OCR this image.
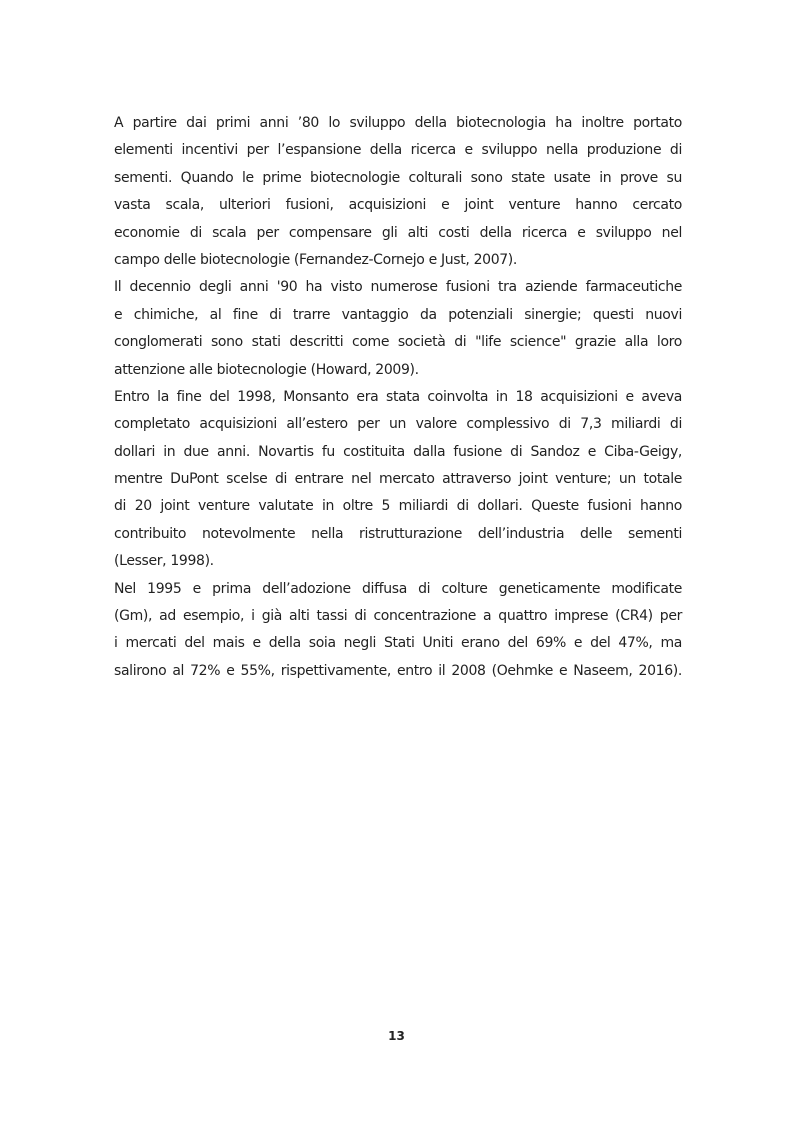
A partire dai primi anni ’80 lo sviluppo della biotecnologia ha inoltre portato
elementi incentivi per l’espansione della ricerca e sviluppo nella produzione di
sementi. Quando le prime biotecnologie colturali sono state usate in prove su
vasta scala, ulteriori fusioni, acquisizioni e joint venture hanno cercato
economie di scala per compensare gli alti costi della ricerca e sviluppo nel
campo delle biotecnologie (Fernandez-Cornejo e Just, 2007).
Il decennio degli anni '90 ha visto numerose fusioni tra aziende farmaceutiche
e chimiche, al fine di trarre vantaggio da potenziali sinergie; questi nuovi
conglomerati sono stati descritti come società di "life science" grazie alla loro
attenzione alle biotecnologie (Howard, 2009).
Entro la fine del 1998, Monsanto era stata coinvolta in 18 acquisizioni e aveva
completato acquisizioni all’estero per un valore complessivo di 7,3 miliardi di
dollari in due anni. Novartis fu costituita dalla fusione di Sandoz e Ciba-Geigy,
mentre DuPont scelse di entrare nel mercato attraverso joint venture; un totale
di 20 joint venture valutate in oltre 5 miliardi di dollari. Queste fusioni hanno
contribuito notevolmente nella ristrutturazione dell’industria delle sementi
(Lesser, 1998).
Nel 1995 e prima dell’adozione diffusa di colture geneticamente modificate
(Gm), ad esempio, i già alti tassi di concentrazione a quattro imprese (CR4) per
i mercati del mais e della soia negli Stati Uniti erano del 69% e del 47%, ma
salirono al 72% e 55%, rispettivamente, entro il 2008 (Oehmke e Naseem, 2016).
13
